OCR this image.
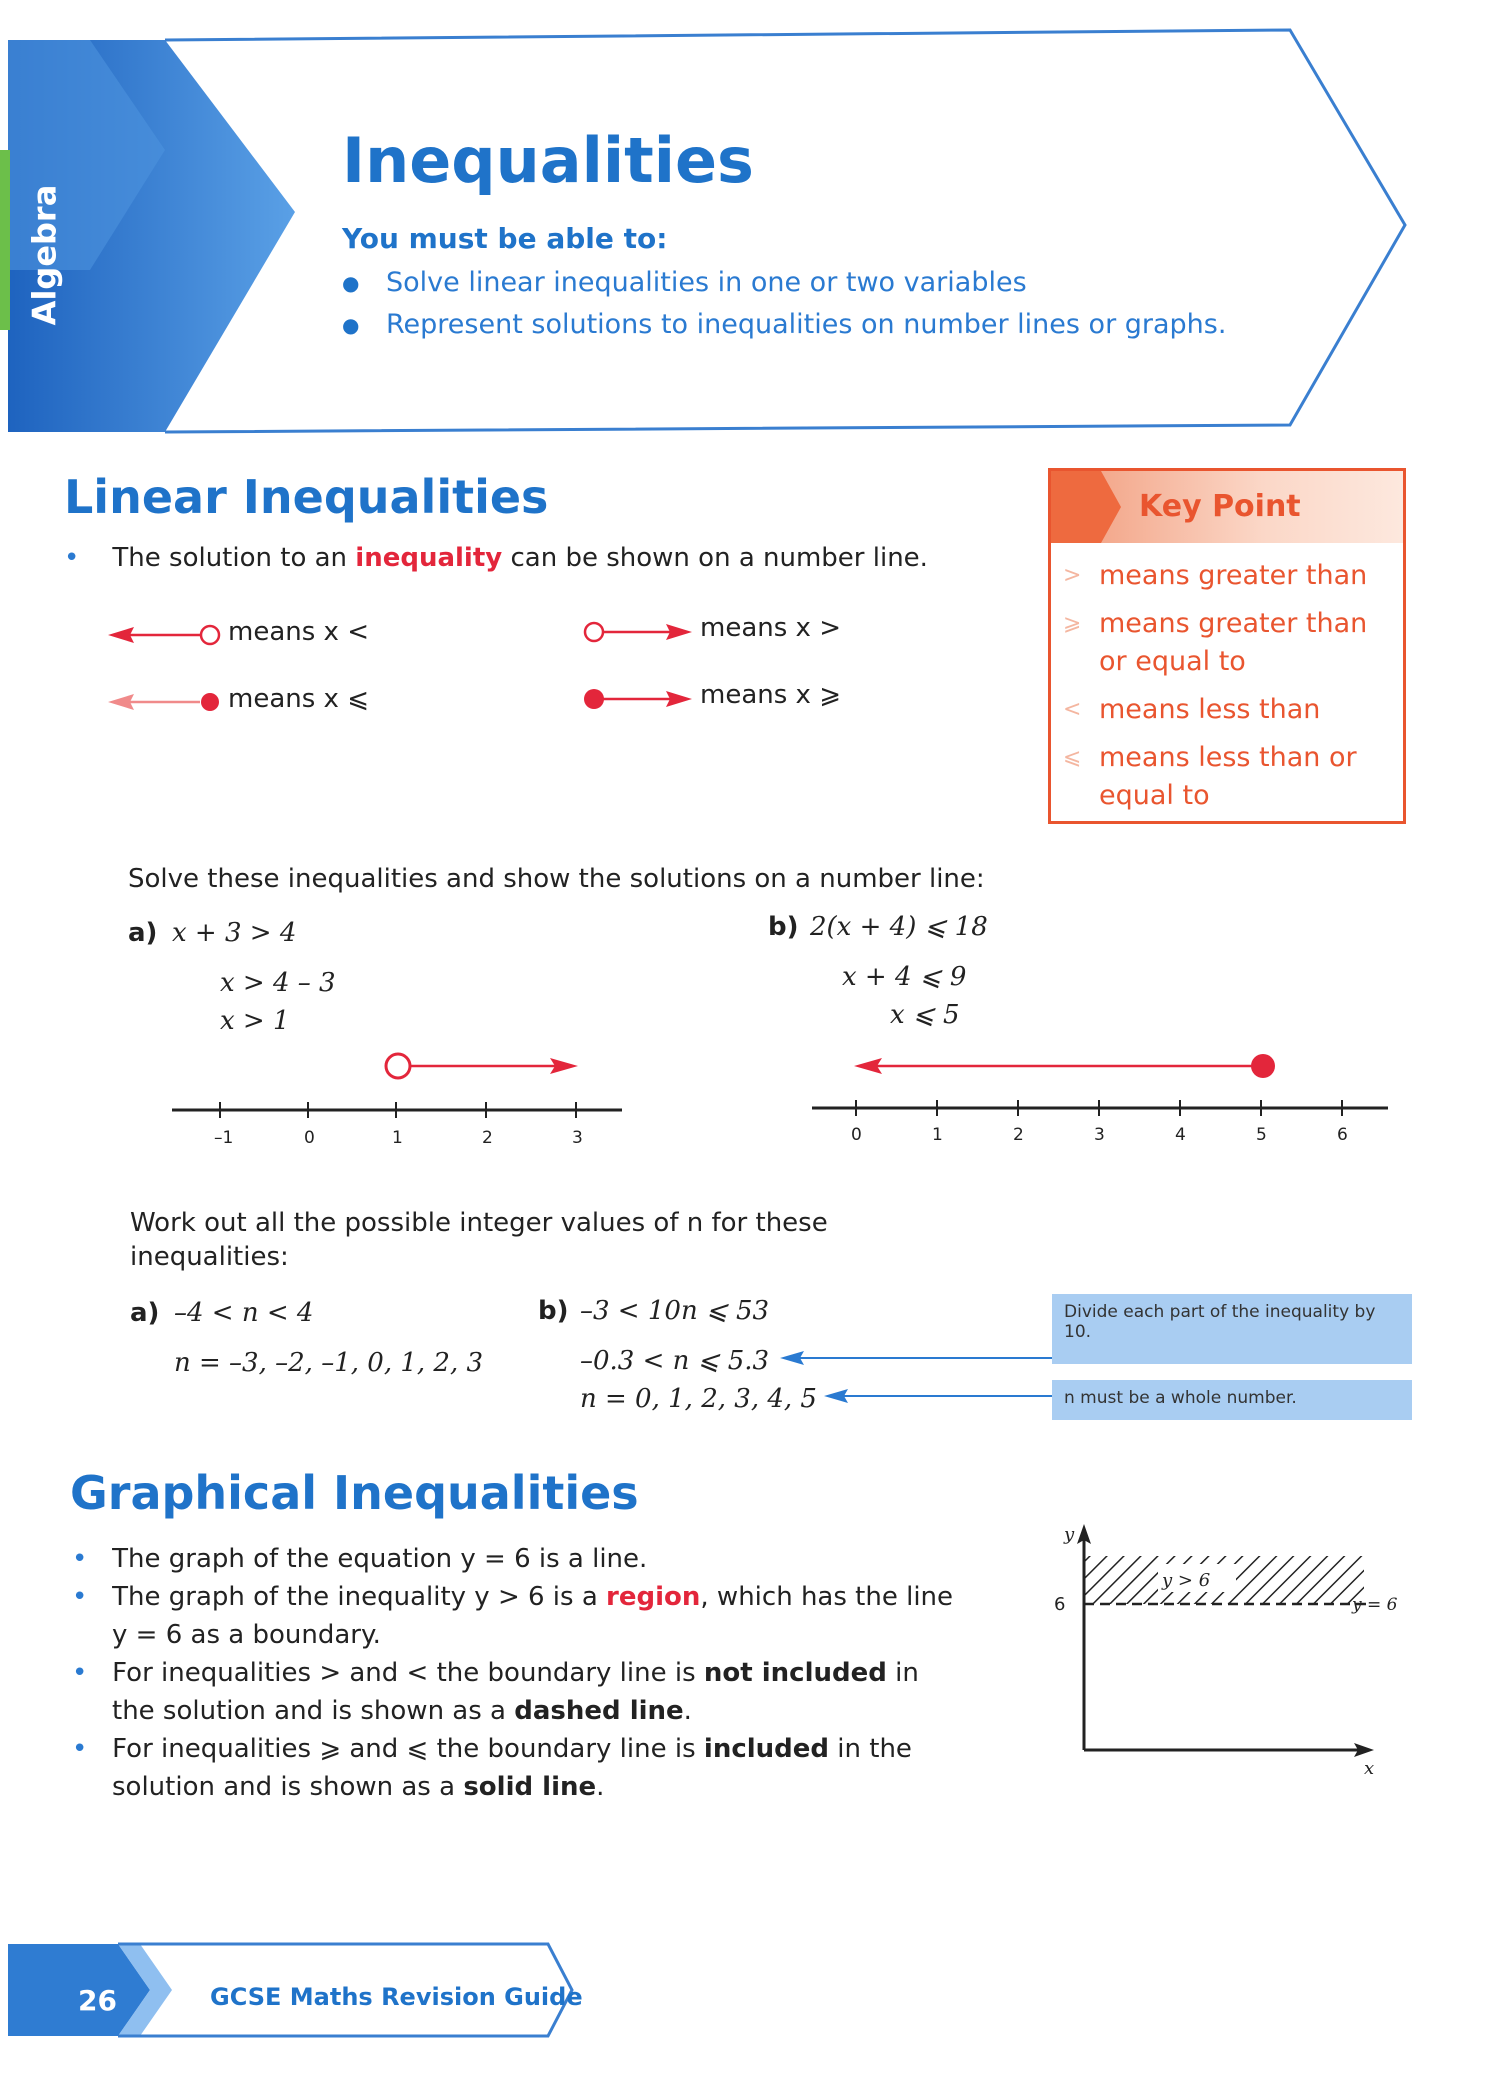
Algebra
Inequalities
You must be able to:
● Solve linear inequalities in one or two variables
● Represent solutions to inequalities on number lines or graphs.
Linear Inequalities
• The solution to an inequality can be shown on a number line.
means x <	means x >
means x ⩽	means x ⩾
Key Point
means greater than
>
means greater than or equal to
⩾
means less than
<
means less than or equal to
⩽
Solve these inequalities and show the solutions on a number line:
a) x + 3 > 4
x > 4 – 3
x > 1
b) 2(x + 4) ⩽ 18
x + 4 ⩽ 9
x ⩽ 5
–1	0	1	2	3	0	1	2	3	4	5	6
Work out all the possible integer values of n for these
inequalities:
a) –4 < n < 4
n = –3, –2, –1, 0, 1, 2, 3
b) –3 < 10n ⩽ 53
–0.3 < n ⩽ 5.3
n = 0, 1, 2, 3, 4, 5
Divide each part of the inequality by 10.
n must be a whole number.
Graphical Inequalities
• The graph of the equation y = 6 is a line.
• The graph of the inequality y > 6 is a region, which has the line
y = 6 as a boundary.
• For inequalities > and < the boundary line is not included in
the solution and is shown as a dashed line.
• For inequalities ⩾ and ⩽ the boundary line is included in the
solution and is shown as a solid line.
y
x
6
y > 6
y = 6
26	GCSE Maths Revision Guide
